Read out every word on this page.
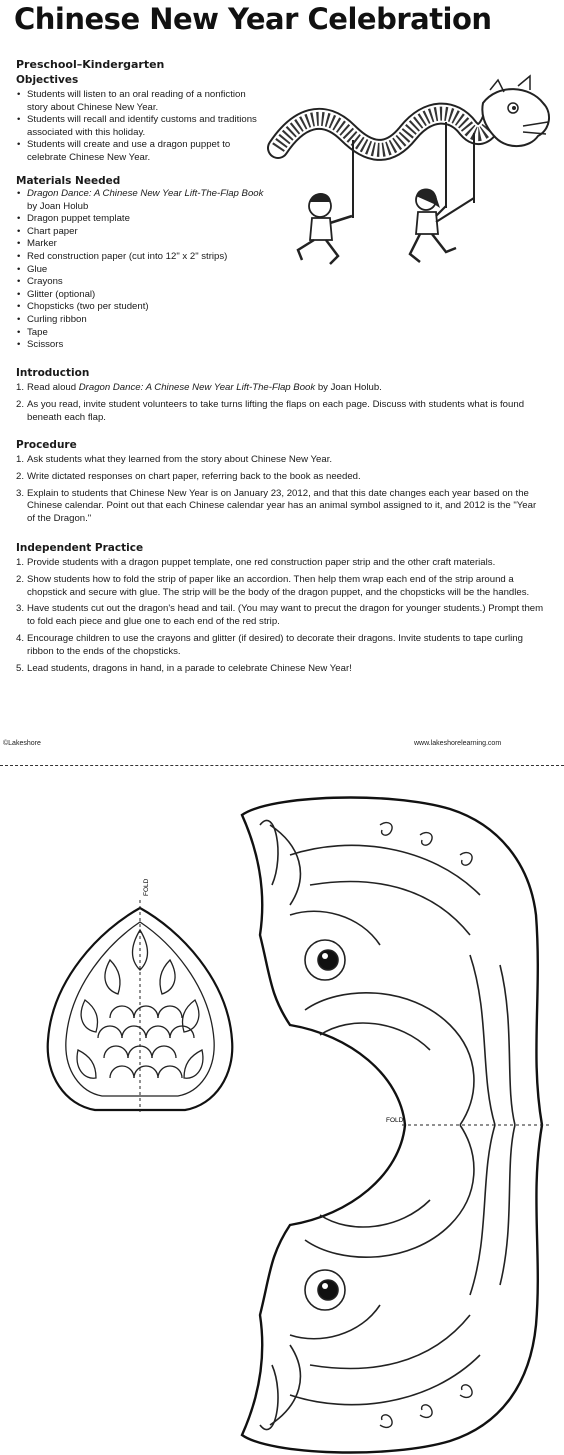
Chinese New Year Celebration
Preschool–Kindergarten
Objectives
• Students will listen to an oral reading of a nonfiction story about Chinese New Year.
• Students will recall and identify customs and traditions associated with this holiday.
• Students will create and use a dragon puppet to celebrate Chinese New Year.
Materials Needed
• Dragon Dance: A Chinese New Year Lift-The-Flap Book by Joan Holub
• Dragon puppet template
• Chart paper
• Marker
• Red construction paper (cut into 12" x 2" strips)
• Glue
• Crayons
• Glitter (optional)
• Chopsticks (two per student)
• Curling ribbon
• Tape
• Scissors
Introduction
1. Read aloud Dragon Dance: A Chinese New Year Lift-The-Flap Book by Joan Holub.
2. As you read, invite student volunteers to take turns lifting the flaps on each page. Discuss with students what is found beneath each flap.
Procedure
1. Ask students what they learned from the story about Chinese New Year.
2. Write dictated responses on chart paper, referring back to the book as needed.
3. Explain to students that Chinese New Year is on January 23, 2012, and that this date changes each year based on the Chinese calendar. Point out that each Chinese calendar year has an animal symbol assigned to it, and 2012 is the "Year of the Dragon."
Independent Practice
1. Provide students with a dragon puppet template, one red construction paper strip and the other craft materials.
2. Show students how to fold the strip of paper like an accordion. Then help them wrap each end of the strip around a chopstick and secure with glue. The strip will be the body of the dragon puppet, and the chopsticks will be the handles.
3. Have students cut out the dragon's head and tail. (You may want to precut the dragon for younger students.) Prompt them to fold each piece and glue one to each end of the red strip.
4. Encourage children to use the crayons and glitter (if desired) to decorate their dragons. Invite students to tape curling ribbon to the ends of the chopsticks.
5. Lead students, dragons in hand, in a parade to celebrate Chinese New Year!
©Lakeshore	www.lakeshorelearning.com
FOLD
FOLD
